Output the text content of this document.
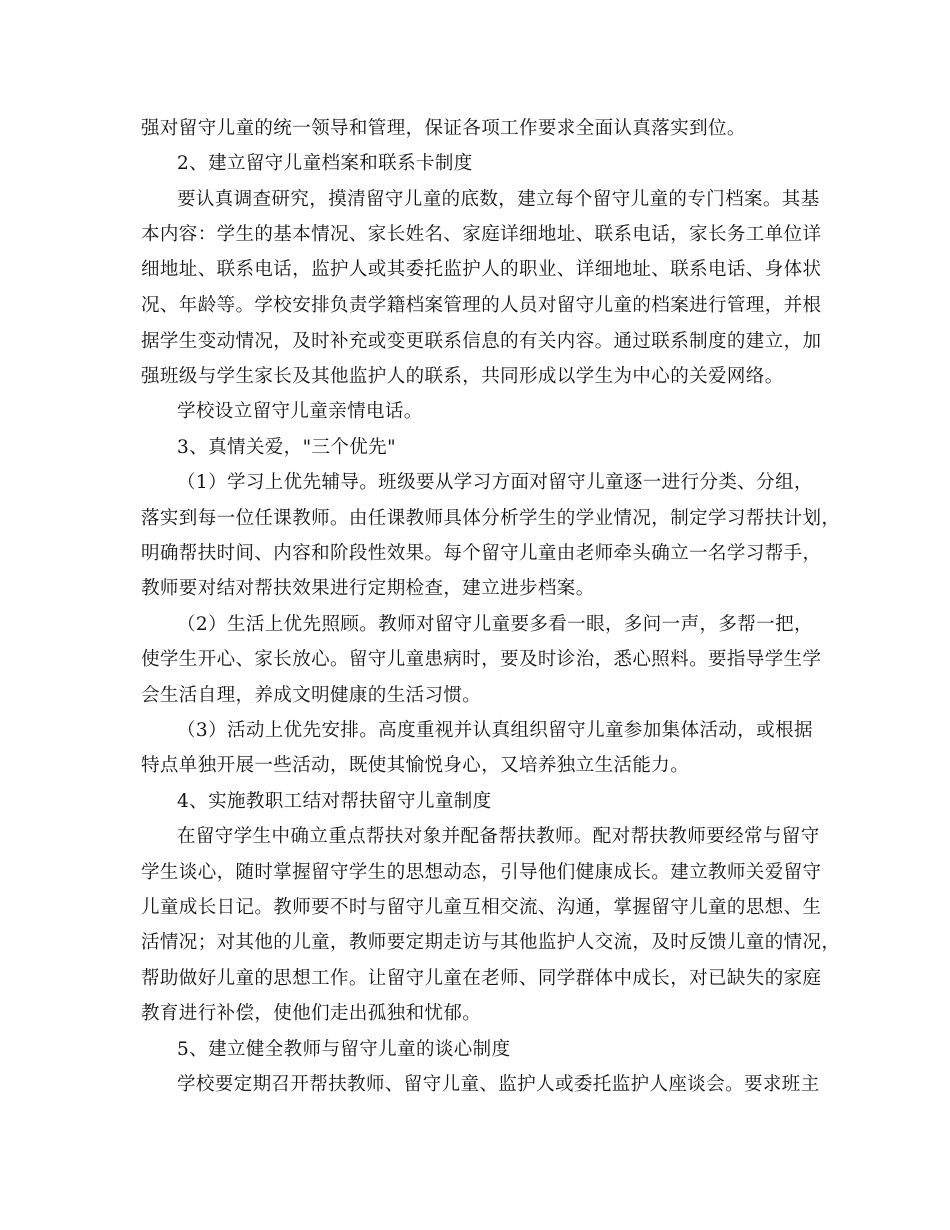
强对留守儿童的统一领导和管理，保证各项工作要求全面认真落实到位。

2、建立留守儿童档案和联系卡制度

要认真调查研究，摸清留守儿童的底数，建立每个留守儿童的专门档案。其基

本内容：学生的基本情况、家长姓名、家庭详细地址、联系电话，家长务工单位详

细地址、联系电话，监护人或其委托监护人的职业、详细地址、联系电话、身体状

况、年龄等。学校安排负责学籍档案管理的人员对留守儿童的档案进行管理，并根

据学生变动情况，及时补充或变更联系信息的有关内容。通过联系制度的建立，加

强班级与学生家长及其他监护人的联系，共同形成以学生为中心的关爱网络。

学校设立留守儿童亲情电话。

3、真情关爱，"三个优先"

（1）学习上优先辅导。班级要从学习方面对留守儿童逐一进行分类、分组，

落实到每一位任课教师。由任课教师具体分析学生的学业情况，制定学习帮扶计划，

明确帮扶时间、内容和阶段性效果。每个留守儿童由老师牵头确立一名学习帮手，

教师要对结对帮扶效果进行定期检查，建立进步档案。

（2）生活上优先照顾。教师对留守儿童要多看一眼，多问一声，多帮一把，

使学生开心、家长放心。留守儿童患病时，要及时诊治，悉心照料。要指导学生学

会生活自理，养成文明健康的生活习惯。

（3）活动上优先安排。高度重视并认真组织留守儿童参加集体活动，或根据

特点单独开展一些活动，既使其愉悦身心，又培养独立生活能力。

4、实施教职工结对帮扶留守儿童制度

在留守学生中确立重点帮扶对象并配备帮扶教师。配对帮扶教师要经常与留守

学生谈心，随时掌握留守学生的思想动态，引导他们健康成长。建立教师关爱留守

儿童成长日记。教师要不时与留守儿童互相交流、沟通，掌握留守儿童的思想、生

活情况；对其他的儿童，教师要定期走访与其他监护人交流，及时反馈儿童的情况，

帮助做好儿童的思想工作。让留守儿童在老师、同学群体中成长，对已缺失的家庭

教育进行补偿，使他们走出孤独和忧郁。

5、建立健全教师与留守儿童的谈心制度

学校要定期召开帮扶教师、留守儿童、监护人或委托监护人座谈会。要求班主
